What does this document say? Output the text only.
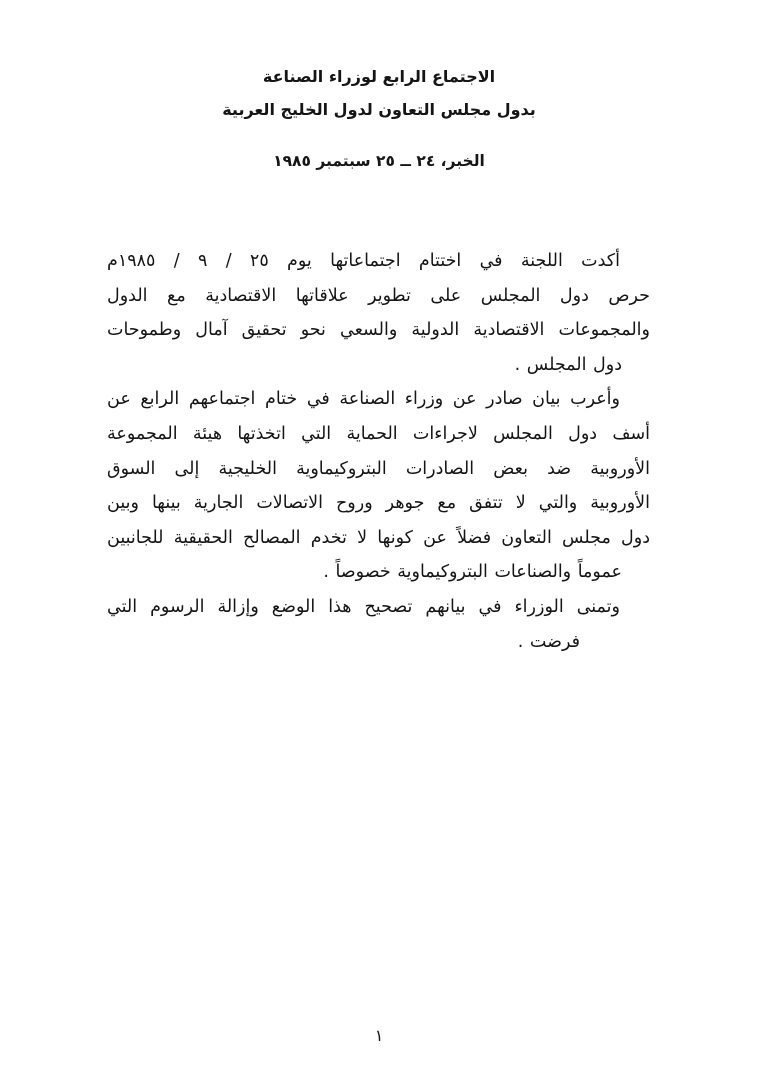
الاجتماع الرابع لوزراء الصناعة
بدول مجلس التعاون لدول الخليج العربية
الخبر، ٢٤ ــ ٢٥ سبتمبر ١٩٨٥

أكدت اللجنة في اختتام اجتماعاتها يوم ٢٥ / ٩ / ١٩٨٥م
حرص دول المجلس على تطوير علاقاتها الاقتصادية مع الدول
والمجموعات الاقتصادية الدولية والسعي نحو تحقيق آمال وطموحات
دول المجلس .

وأعرب بيان صادر عن وزراء الصناعة في ختام اجتماعهم الرابع عن
أسف دول المجلس لاجراءات الحماية التي اتخذتها هيئة المجموعة
الأوروبية ضد بعض الصادرات البتروكيماوية الخليجية إلى السوق
الأوروبية والتي لا تتفق مع جوهر وروح الاتصالات الجارية بينها وبين
دول مجلس التعاون فضلاً عن كونها لا تخدم المصالح الحقيقية للجانبين
عموماً والصناعات البتروكيماوية خصوصاً .

وتمنى الوزراء في بيانهم تصحيح هذا الوضع وإزالة الرسوم التي
فرضت .

١
